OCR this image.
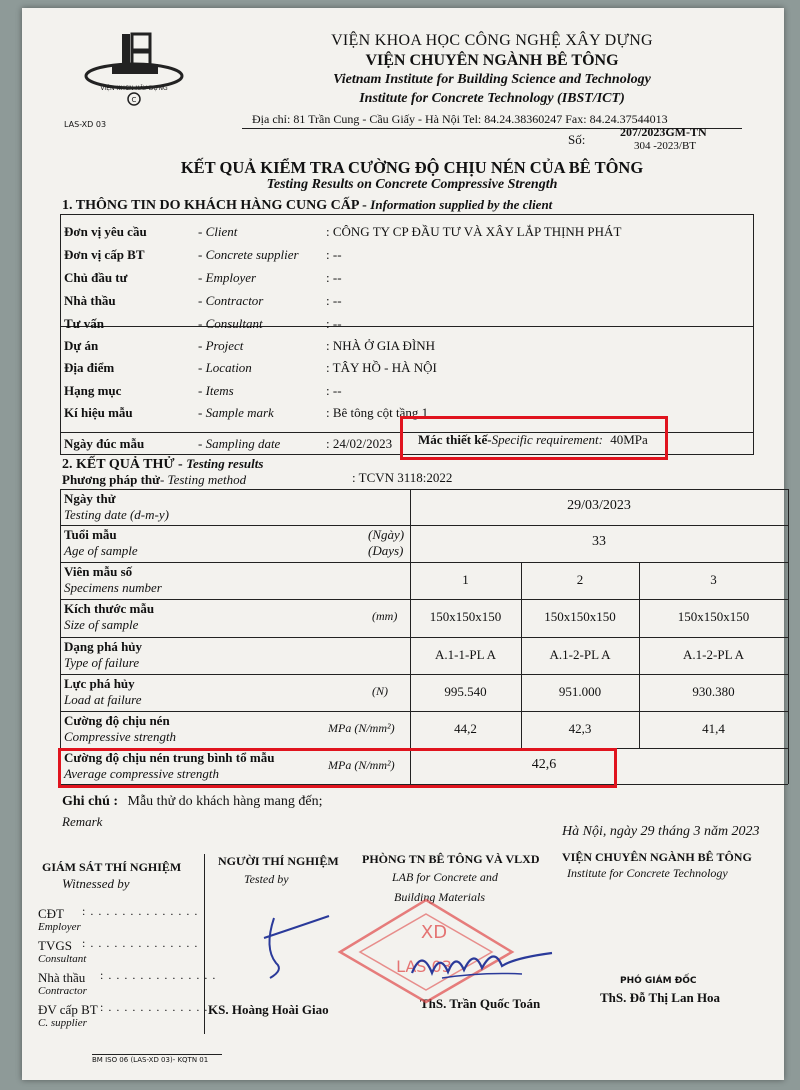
VIỆN KHCN XÂY DỰNG
C
LAS-XD 03
VIỆN KHOA HỌC CÔNG NGHỆ XÂY DỰNG
VIỆN CHUYÊN NGÀNH BÊ TÔNG
Vietnam Institute for Building Science and Technology
Institute for Concrete Technology (IBST/ICT)
Địa chỉ: 81 Trần Cung - Cầu Giấy - Hà Nội Tel: 84.24.38360247 Fax: 84.24.37544013
Số:	207/2023GM-TN
304 -2023/BT
KẾT QUẢ KIỂM TRA CƯỜNG ĐỘ CHỊU NÉN CỦA BÊ TÔNG
Testing Results on Concrete Compressive Strength
1. THÔNG TIN DO KHÁCH HÀNG CUNG CẤP - Information supplied by the client
Đơn vị yêu cầu	- Client	: CÔNG TY CP ĐẦU TƯ VÀ XÂY LẮP THỊNH PHÁT
Đơn vị cấp BT	- Concrete supplier : --
Chủ đầu tư	- Employer	: --
Nhà thầu	- Contractor	: --
Tư vấn	- Consultant	: --
Dự án	- Project	: NHÀ Ở GIA ĐÌNH
Địa điểm	- Location	: TÂY HỒ - HÀ NỘI
Hạng mục	- Items	: --
Kí hiệu mẫu	- Sample mark	: Bê tông cột tầng 1
Ngày đúc mẫu	- Sampling date	: 24/02/2023 Mác thiết kế-Specific requirement: 40MPa
2. KẾT QUẢ THỬ - Testing results
Phương pháp thử- Testing method	: TCVN 3118:2022
Ngày thử
Testing date (d-m-y)
29/03/2023
Tuổi mẫu
Age of sample
(Ngày)
(Days)
33
Viên mẫu số
Specimens number
1	2	3
Kích thước mẫu
Size of sample
(mm)	150x150x150	150x150x150	150x150x150
Dạng phá hủy
Type of failure
A.1-1-PL A	A.1-2-PL A	A.1-2-PL A
Lực phá hủy
Load at failure
(N)	995.540	951.000	930.380
Cường độ chịu nén
Compressive strength
MPa (N/mm²)	44,2	42,3	41,4
Cường độ chịu nén trung bình tổ mẫu
Average compressive strength
MPa (N/mm²)	42,6
Ghi chú : Mẫu thử do khách hàng mang đến;
Remark
Hà Nội, ngày 29 tháng 3 năm 2023
GIÁM SÁT THÍ NGHIỆM
Witnessed by
CĐT : . . . . . . . . . . . . . .
Employer
TVGS : . . . . . . . . . . . . . .
Consultant
Nhà thầu : . . . . . . . . . . . . . .
Contractor
ĐV cấp BT : . . . . . . . . . . . . . .
C. supplier
NGƯỜI THÍ NGHIỆM
Tested by
KS. Hoàng Hoài Giao
PHÒNG TN BÊ TÔNG VÀ VLXD
LAB for Concrete and
Building Materials
ThS. Trần Quốc Toán
VIỆN CHUYÊN NGÀNH BÊ TÔNG
Institute for Concrete Technology
PHÓ GIÁM ĐỐC
ThS. Đỗ Thị Lan Hoa
XD
LAS 03
BM ISO 06 (LAS-XD 03)- KQTN 01
